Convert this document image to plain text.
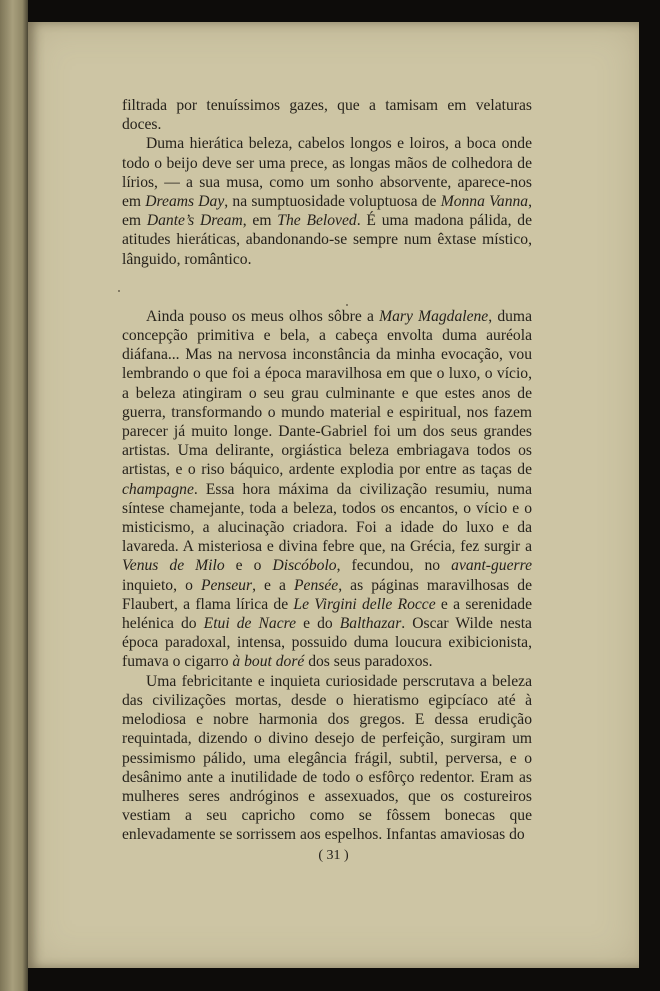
filtrada por tenuíssimos gazes, que a tamisam em velaturas doces.

Duma hierática beleza, cabelos longos e loiros, a boca onde todo o beijo deve ser uma prece, as longas mãos de colhedora de lírios, — a sua musa, como um sonho absorvente, aparece-nos em Dreams Day, na sumptuosidade voluptuosa de Monna Vanna, em Dante’s Dream, em The Beloved. É uma madona pálida, de atitudes hieráticas, abandonando-se sempre num êxtase místico, lânguido, romântico.

Ainda pouso os meus olhos sôbre a Mary Magdalene, duma concepção primitiva e bela, a cabeça envolta duma auréola diáfana... Mas na nervosa inconstância da minha evocação, vou lembrando o que foi a época maravilhosa em que o luxo, o vício, a beleza atingiram o seu grau culminante e que estes anos de guerra, transformando o mundo material e espiritual, nos fazem parecer já muito longe. Dante-Gabriel foi um dos seus grandes artistas. Uma delirante, orgiástica beleza embriagava todos os artistas, e o riso báquico, ardente explodia por entre as taças de champagne. Essa hora máxima da civilização resumiu, numa síntese chamejante, toda a beleza, todos os encantos, o vício e o misticismo, a alucinação criadora. Foi a idade do luxo e da lavareda. A misteriosa e divina febre que, na Grécia, fez surgir a Venus de Milo e o Discóbolo, fecundou, no avant-guerre inquieto, o Penseur, e a Pensée, as páginas maravilhosas de Flaubert, a flama lírica de Le Virgini delle Rocce e a serenidade helénica do Etui de Nacre e do Balthazar. Oscar Wilde nesta época paradoxal, intensa, possuido duma loucura exibicionista, fumava o cigarro à bout doré dos seus paradoxos.

Uma febricitante e inquieta curiosidade perscrutava a beleza das civilizações mortas, desde o hieratismo egipcíaco até à melodiosa e nobre harmonia dos gregos. E dessa erudição requintada, dizendo o divino desejo de perfeição, surgiram um pessimismo pálido, uma elegância frágil, subtil, perversa, e o desânimo ante a inutilidade de todo o esfôrço redentor. Eram as mulheres seres andróginos e assexuados, que os costureiros vestiam a seu capricho como se fôssem bonecas que enlevadamente se sorrissem aos espelhos. Infantas amaviosas do

( 31 )
